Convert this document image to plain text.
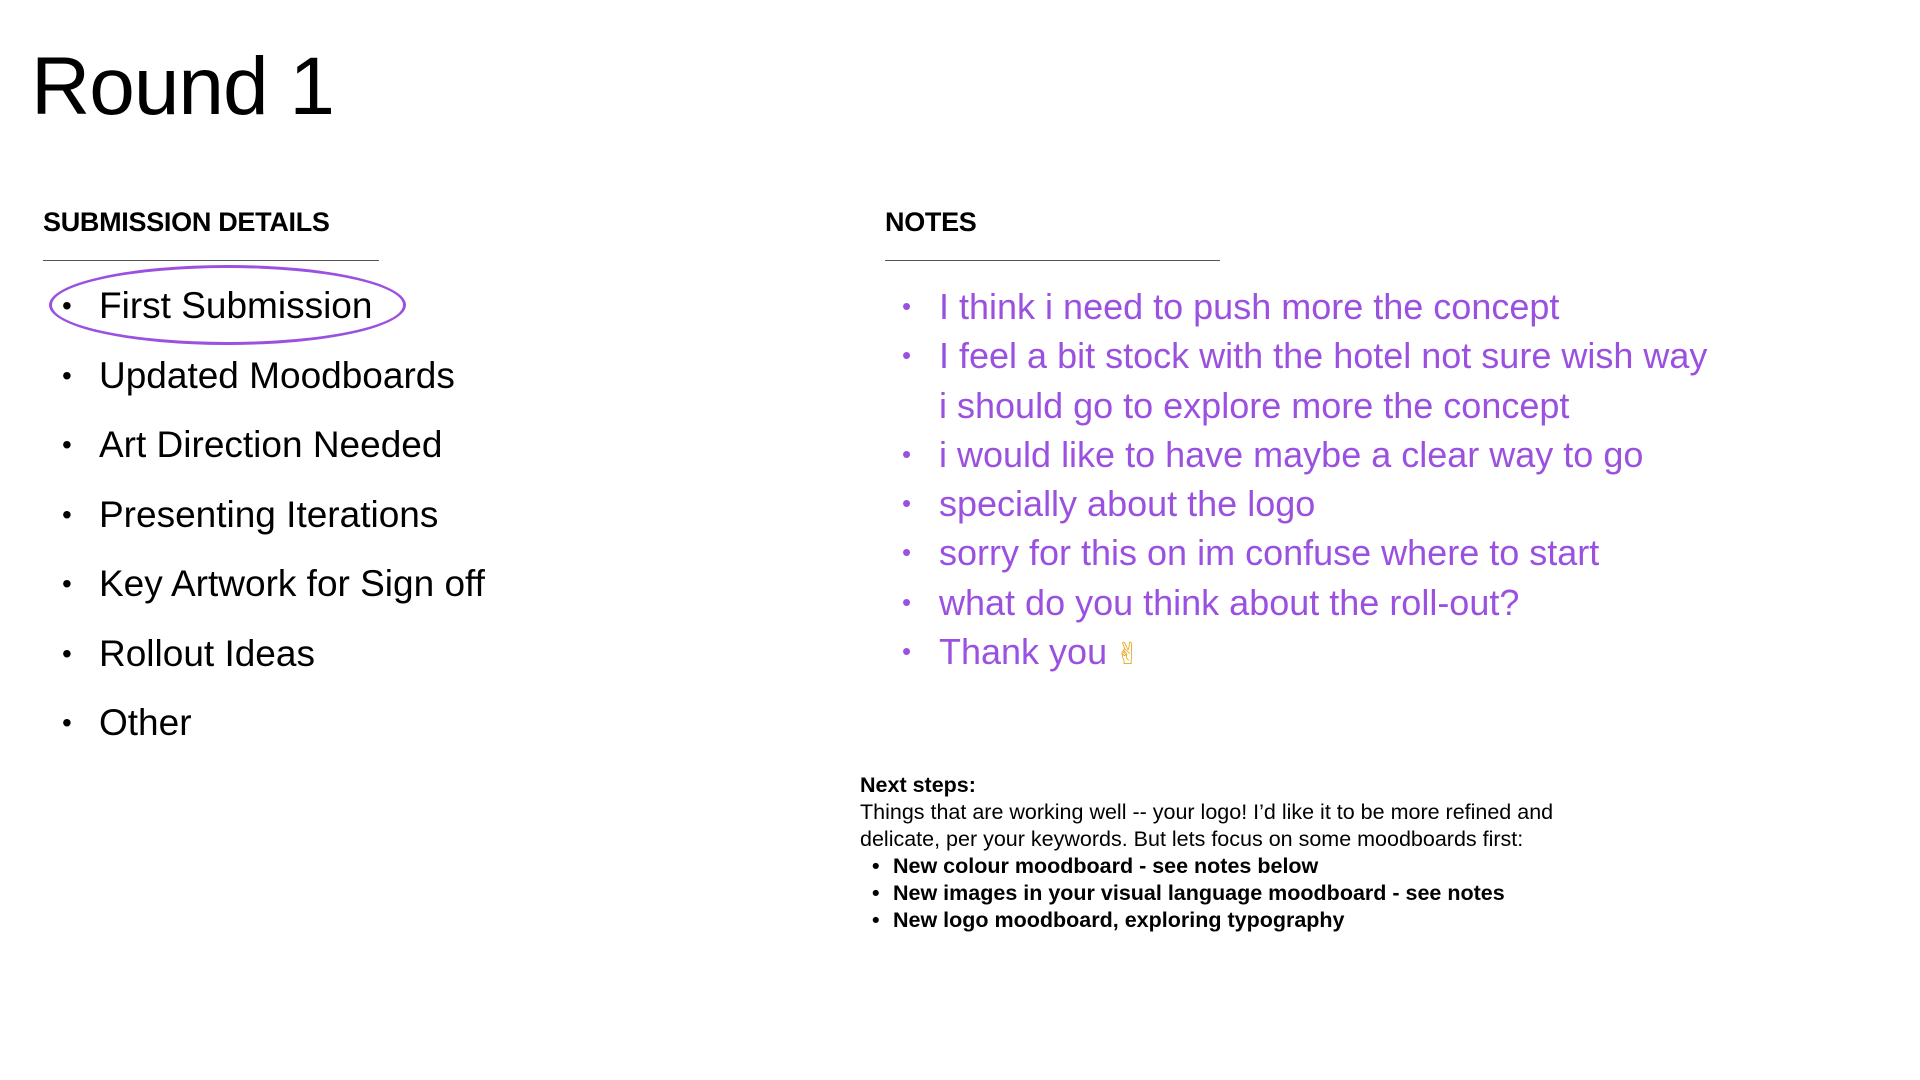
Round 1
SUBMISSION DETAILS
• First Submission
• Updated Moodboards
• Art Direction Needed
• Presenting Iterations
• Key Artwork for Sign off
• Rollout Ideas
• Other
NOTES
• I think i need to push more the concept
• I feel a bit stock with the hotel not sure wish way i should go to explore more the concept
• i would like to have maybe a clear way to go
• specially about the logo
• sorry for this on im confuse where to start
• what do you think about the roll-out?
• Thank you ✌

Next steps:

Things that are working well -- your logo! I’d like it to be more refined and delicate, per your keywords. But lets focus on some moodboards first:

• New colour moodboard - see notes below
• New images in your visual language moodboard - see notes
• New logo moodboard, exploring typography
